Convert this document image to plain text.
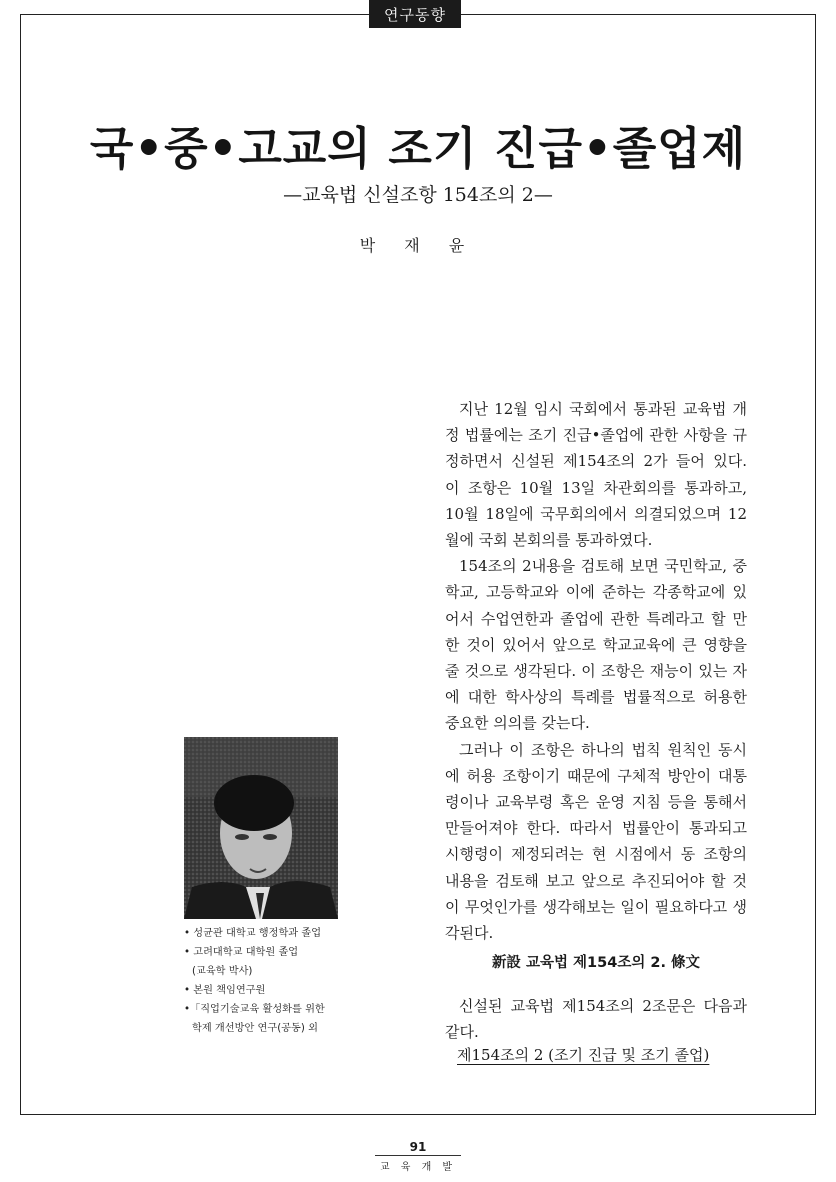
연구동향
국•중•고교의 조기 진급•졸업제
—교육법 신설조항 154조의 2—
박 재 윤

지난 12월 임시 국회에서 통과된 교육법 개정 법률에는 조기 진급•졸업에 관한 사항을 규정하면서 신설된 제154조의 2가 들어 있다. 이 조항은 10월 13일 차관회의를 통과하고, 10월 18일에 국무회의에서 의결되었으며 12월에 국회 본회의를 통과하였다.

154조의 2내용을 검토해 보면 국민학교, 중학교, 고등학교와 이에 준하는 각종학교에 있어서 수업연한과 졸업에 관한 특례라고 할 만한 것이 있어서 앞으로 학교교육에 큰 영향을 줄 것으로 생각된다. 이 조항은 재능이 있는 자에 대한 학사상의 특례를 법률적으로 허용한 중요한 의의를 갖는다.

그러나 이 조항은 하나의 법칙 원칙인 동시에 허용 조항이기 때문에 구체적 방안이 대통령이나 교육부령 혹은 운영 지침 등을 통해서 만들어져야 한다. 따라서 법률안이 통과되고 시행령이 제정되려는 현 시점에서 동 조항의 내용을 검토해 보고 앞으로 추진되어야 할 것이 무엇인가를 생각해보는 일이 필요하다고 생각된다.

新設 교육법 제154조의 2. 條文

신설된 교육법 제154조의 2조문은 다음과 같다.

제154조의 2 (조기 진급 및 조기 졸업)
• 성균관 대학교 행정학과 졸업
• 고려대학교 대학원 졸업
(교육학 박사)
• 본원 책임연구원
•「직업기술교육 활성화를 위한
학제 개선방안 연구(공동) 외
91
교 육 개 발
